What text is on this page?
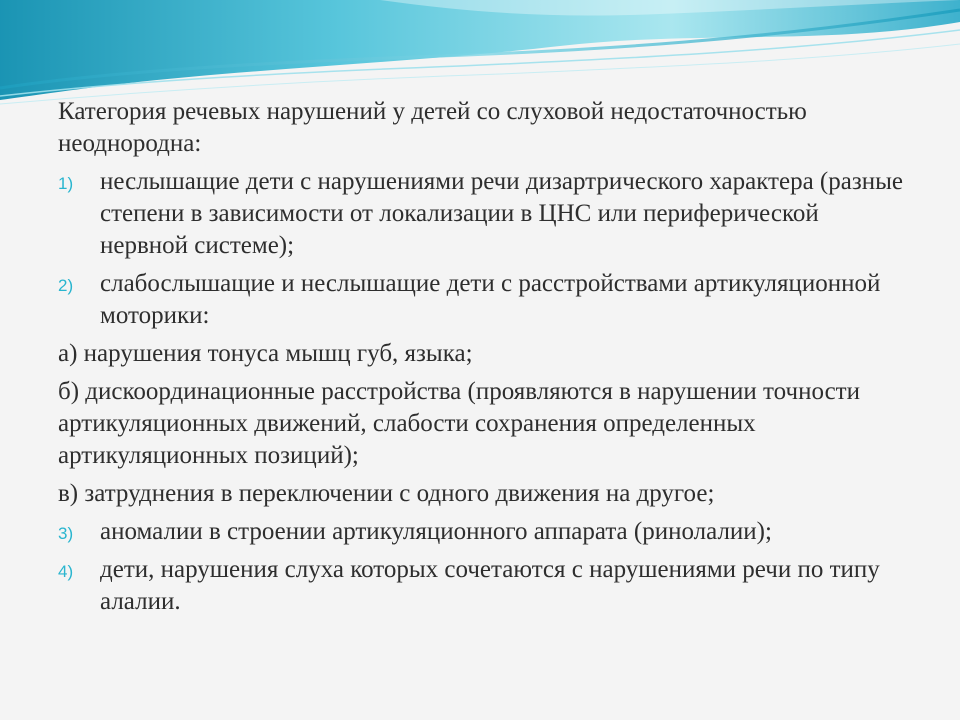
Категория речевых нарушений у детей со слуховой недостаточностью неоднородна:

1) неслышащие дети с нарушениями речи дизартрического характера (разные степени в зависимости от локализации в ЦНС или периферической нервной системе);
2) слабослышащие и неслышащие дети с расстройствами артикуляционной моторики:

а) нарушения тонуса мышц губ, языка;

б) дискоординационные расстройства (проявляются в нарушении точности артикуляционных движений, слабости сохранения определенных артикуляционных позиций);

в) затруднения в переключении с одного движения на другое;

3) аномалии в строении артикуляционного аппарата (ринолалии);
4) дети, нарушения слуха которых сочетаются с нарушениями речи по типу алалии.
